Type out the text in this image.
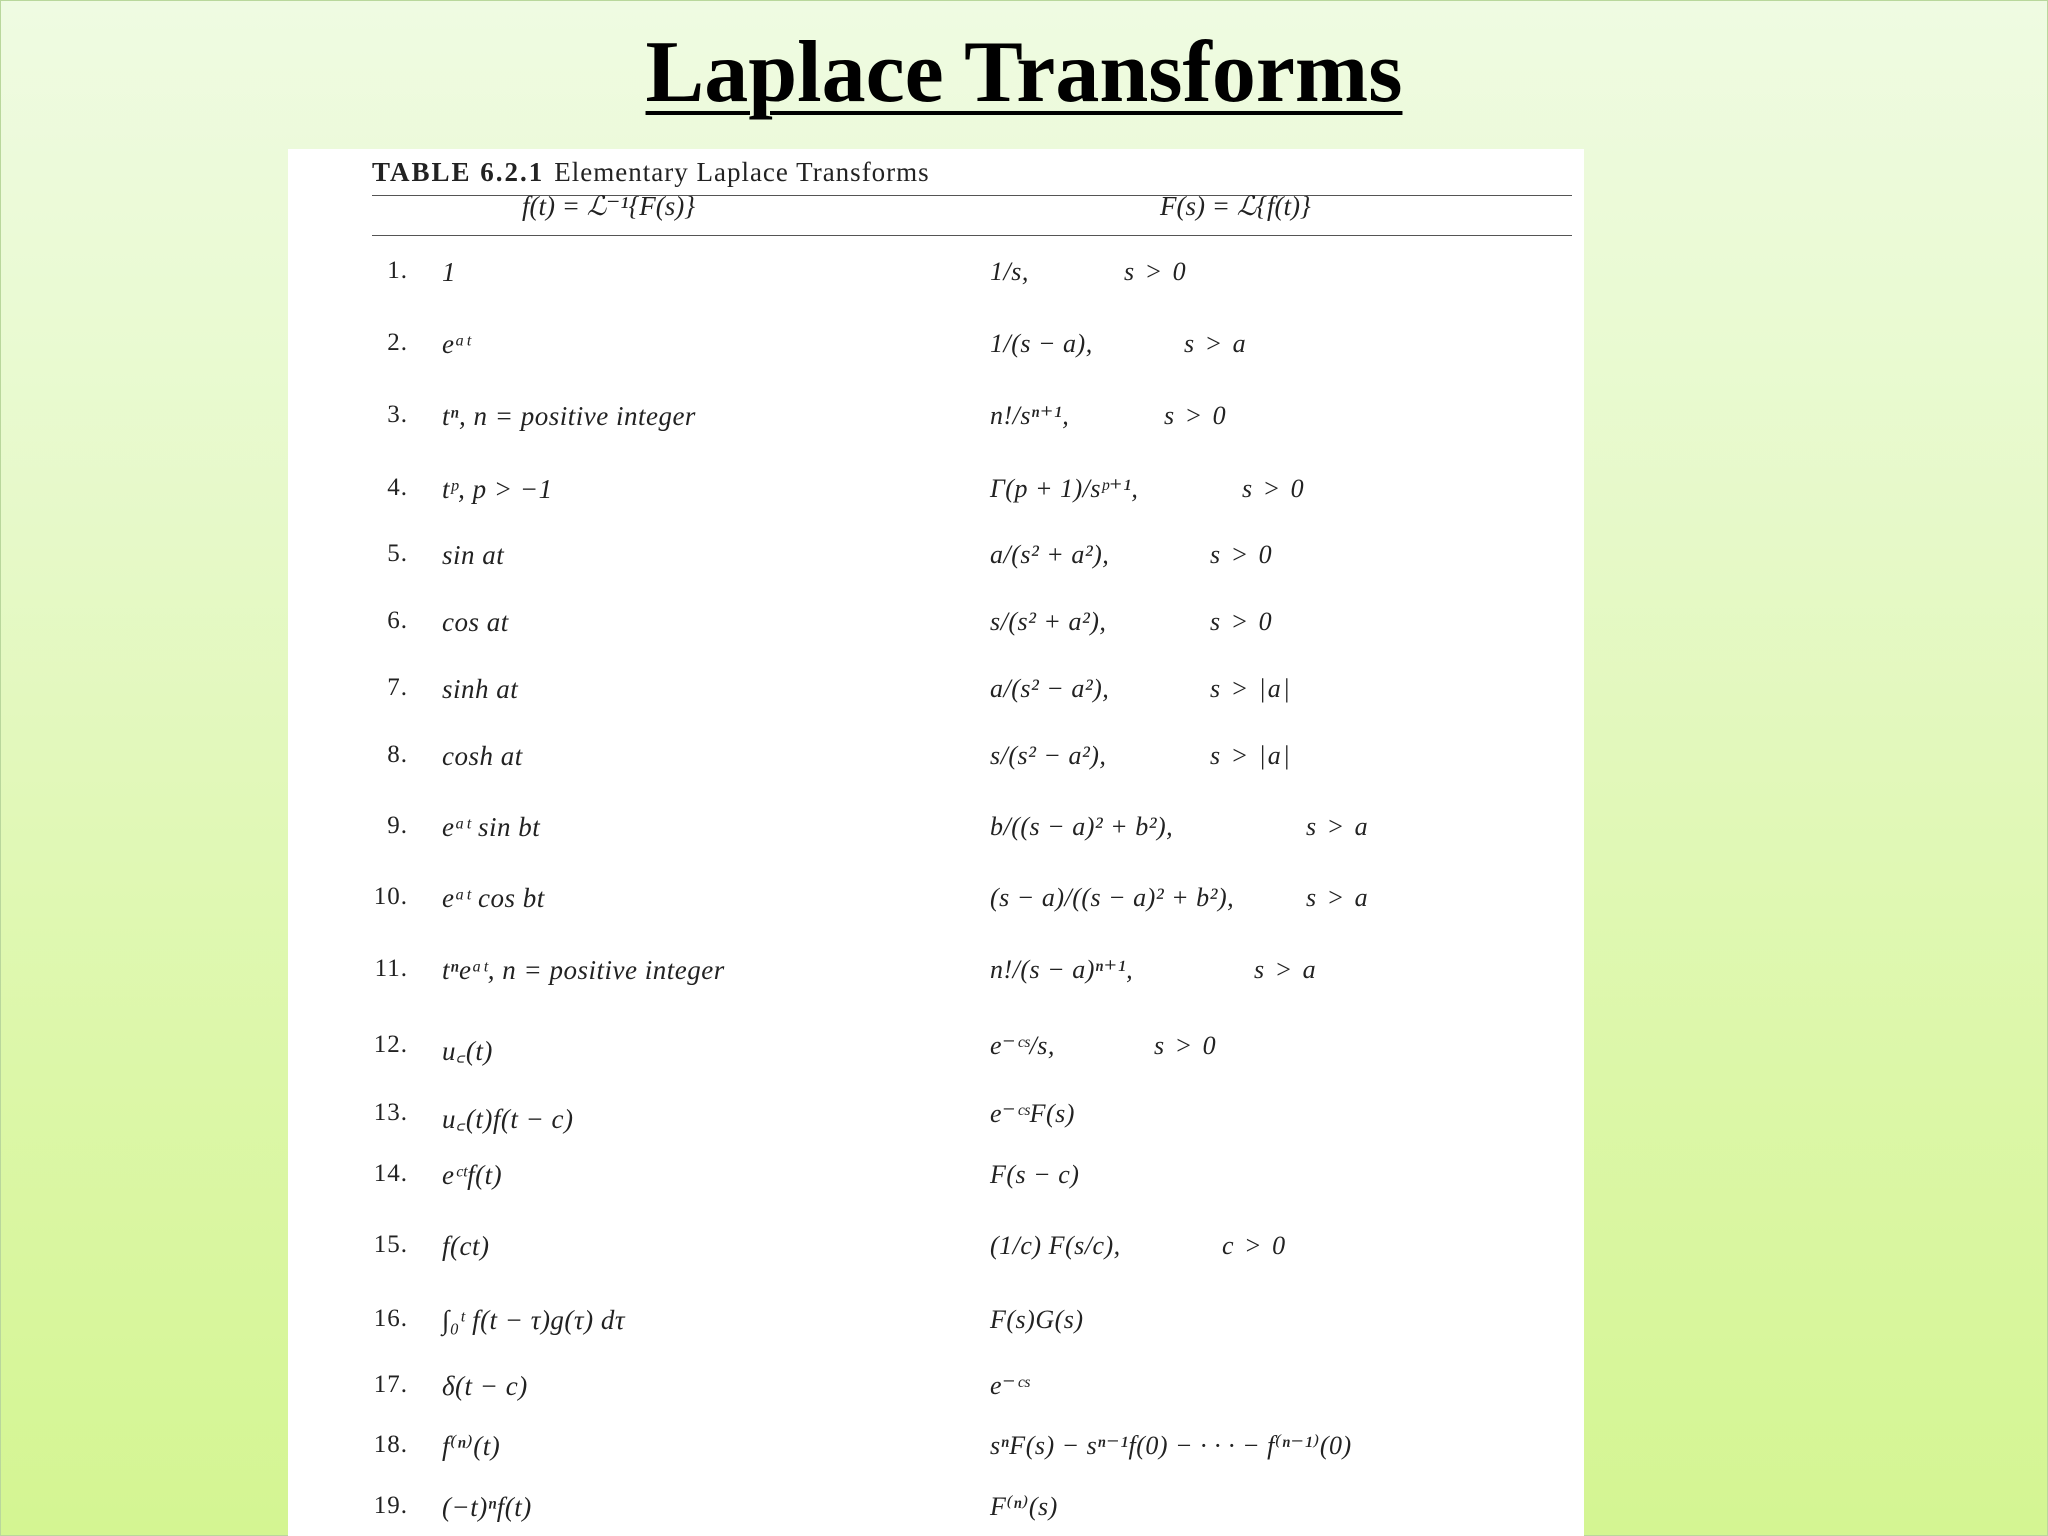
Laplace Transforms
TABLE 6.2.1 Elementary Laplace Transforms
f(t) = ℒ⁻¹{F(s)}	F(s) = ℒ{f(t)}
1. 1	1/s,	s > 0
2. eᵃᵗ	1/(s − a),	s > a
3. tⁿ, n = positive integer	n!/sⁿ⁺¹,	s > 0
4. tᵖ, p > −1	Γ(p + 1)/sᵖ⁺¹,	s > 0
5. sin at	a/(s² + a²),	s > 0
6. cos at	s/(s² + a²),	s > 0
7. sinh at	a/(s² − a²),	s > |a|
8. cosh at	s/(s² − a²),	s > |a|
9. eᵃᵗ sin bt	b/((s − a)² + b²),	s > a
10. eᵃᵗ cos bt	(s − a)/((s − a)² + b²),	s > a
11. tⁿeᵃᵗ, n = positive integer	n!/(s − a)ⁿ⁺¹,	s > a
12. u꜀(t)	e⁻ᶜˢ/s,	s > 0
13. u꜀(t)f(t − c)	e⁻ᶜˢF(s)
14. eᶜᵗf(t)	F(s − c)
15. f(ct)	(1/c) F(s/c),	c > 0
16. ∫₀ᵗ f(t − τ)g(τ) dτ	F(s)G(s)
17. δ(t − c)	e⁻ᶜˢ
18. f⁽ⁿ⁾(t)	sⁿF(s) − sⁿ⁻¹f(0) − · · · − f⁽ⁿ⁻¹⁾(0)
19. (−t)ⁿf(t)	F⁽ⁿ⁾(s)
